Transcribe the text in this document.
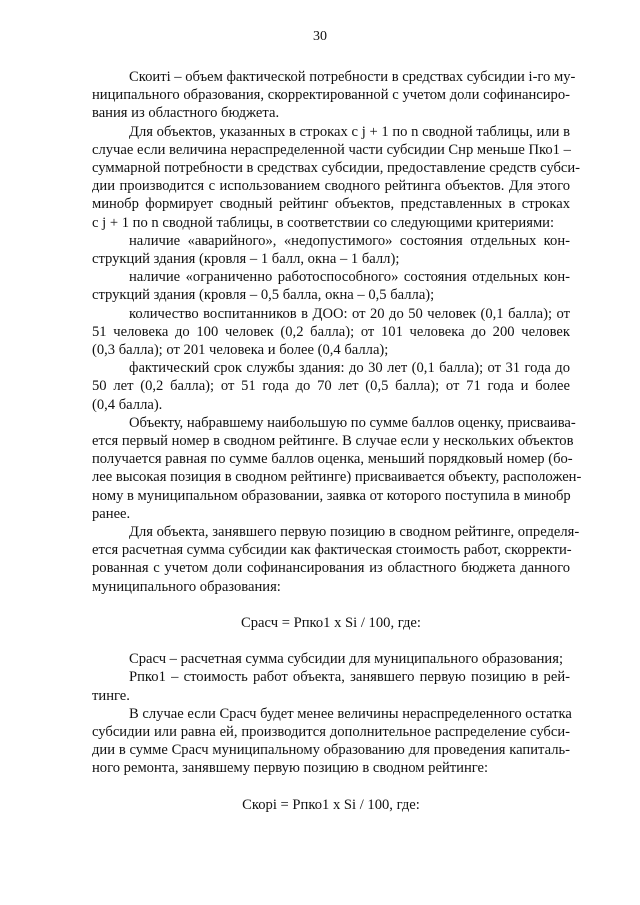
30

Скоитi – объем фактической потребности в средствах субсидии i-го му-
ниципального образования, скорректированной с учетом доли софинансиро-
вания из областного бюджета.

Для объектов, указанных в строках с j + 1 по n сводной таблицы, или в
случае если величина нераспределенной части субсидии Снр меньше Пко1 –
суммарной потребности в средствах субсидии, предоставление средств субси-
дии производится с использованием сводного рейтинга объектов. Для этого
минобр формирует сводный рейтинг объектов, представленных в строках
с j + 1 по n сводной таблицы, в соответствии со следующими критериями:

наличие «аварийного», «недопустимого» состояния отдельных кон-
струкций здания (кровля – 1 балл, окна – 1 балл);

наличие «ограниченно работоспособного» состояния отдельных кон-
струкций здания (кровля – 0,5 балла, окна – 0,5 балла);

количество воспитанников в ДОО: от 20 до 50 человек (0,1 балла); от
51 человека до 100 человек (0,2 балла); от 101 человека до 200 человек
(0,3 балла); от 201 человека и более (0,4 балла);

фактический срок службы здания: до 30 лет (0,1 балла); от 31 года до
50 лет (0,2 балла); от 51 года до 70 лет (0,5 балла); от 71 года и более
(0,4 балла).

Объекту, набравшему наибольшую по сумме баллов оценку, присваива-
ется первый номер в сводном рейтинге. В случае если у нескольких объектов
получается равная по сумме баллов оценка, меньший порядковый номер (бо-
лее высокая позиция в сводном рейтинге) присваивается объекту, расположен-
ному в муниципальном образовании, заявка от которого поступила в минобр
ранее.

Для объекта, занявшего первую позицию в сводном рейтинге, определя-
ется расчетная сумма субсидии как фактическая стоимость работ, скорректи-
рованная с учетом доли софинансирования из областного бюджета данного
муниципального образования:

Срасч = Рпко1 x Si / 100, где:

Срасч – расчетная сумма субсидии для муниципального образования;

Рпко1 – стоимость работ объекта, занявшего первую позицию в рей-
тинге.

В случае если Срасч будет менее величины нераспределенного остатка
субсидии или равна ей, производится дополнительное распределение субси-
дии в сумме Срасч муниципальному образованию для проведения капиталь-
ного ремонта, занявшему первую позицию в сводном рейтинге:

Скорi = Рпко1 x Si / 100, где:
